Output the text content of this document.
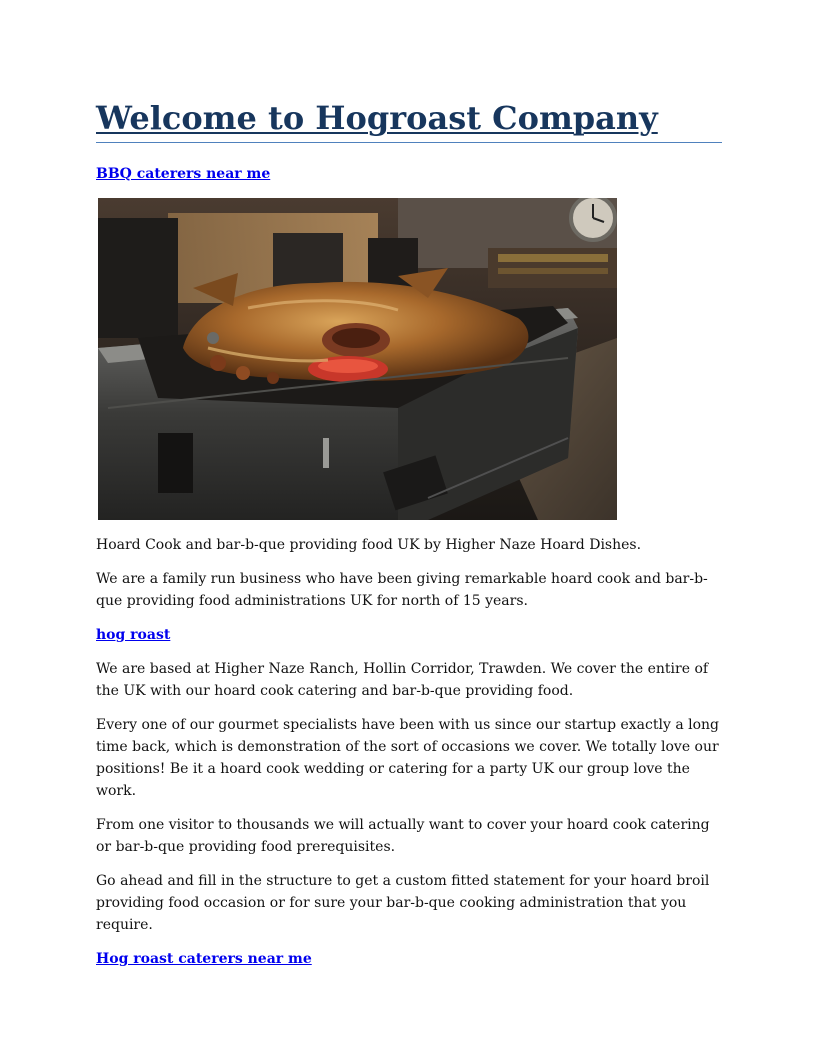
Welcome to Hogroast Company
BBQ caterers near me

Hoard Cook and bar-b-que providing food UK by Higher Naze Hoard Dishes.

We are a family run business who have been giving remarkable hoard cook and bar-b-que providing food administrations UK for north of 15 years.

hog roast

We are based at Higher Naze Ranch, Hollin Corridor, Trawden. We cover the entire of the UK with our hoard cook catering and bar-b-que providing food.

Every one of our gourmet specialists have been with us since our startup exactly a long time back, which is demonstration of the sort of occasions we cover. We totally love our positions! Be it a hoard cook wedding or catering for a party UK our group love the work.

From one visitor to thousands we will actually want to cover your hoard cook catering or bar-b-que providing food prerequisites.

Go ahead and fill in the structure to get a custom fitted statement for your hoard broil providing food occasion or for sure your bar-b-que cooking administration that you require.

Hog roast caterers near me
